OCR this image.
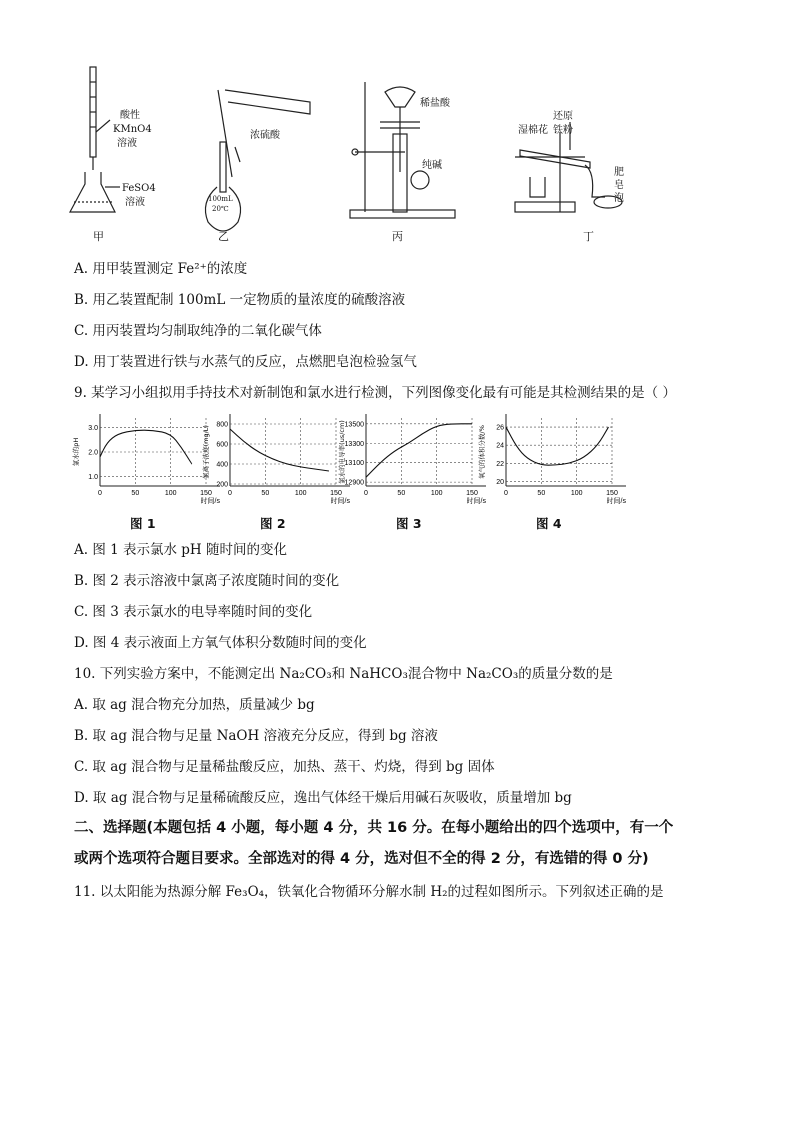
酸性
KMnO4
溶液
FeSO4
溶液
浓硫酸
100mL
20℃
稀盐酸
纯碱
还原
湿棉花 铁粉
肥皂泡
甲	乙	丙	丁
A. 用甲装置测定 Fe²⁺的浓度
B. 用乙装置配制 100mL 一定物质的量浓度的硫酸溶液
C. 用丙装置均匀制取纯净的二氧化碳气体
D. 用丁装置进行铁与水蒸气的反应，点燃肥皂泡检验氢气
9. 某学习小组拟用手持技术对新制饱和氯水进行检测，下列图像变化最有可能是其检测结果的是（ ）
1.0
2.0
3.0
0	50	100	150
时间/s
氯水的pH
图 1
200
400
600
800
0	50	100	150
时间/s
氯离子浓度(mg/L)
图 2
12900
13100
13300
13500
0	50	100	150
时间/s
氯水的电导率(us/cm)
图 3
20
22
24
26
0	50	100	150
时间/s
氧气的体积分数/%
图 4
A. 图 1 表示氯水 pH 随时间的变化
B. 图 2 表示溶液中氯离子浓度随时间的变化
C. 图 3 表示氯水的电导率随时间的变化
D. 图 4 表示液面上方氧气体积分数随时间的变化
10. 下列实验方案中，不能测定出 Na₂CO₃和 NaHCO₃混合物中 Na₂CO₃的质量分数的是
A. 取 ag 混合物充分加热，质量减少 bg
B. 取 ag 混合物与足量 NaOH 溶液充分反应，得到 bg 溶液
C. 取 ag 混合物与足量稀盐酸反应，加热、蒸干、灼烧，得到 bg 固体
D. 取 ag 混合物与足量稀硫酸反应，逸出气体经干燥后用碱石灰吸收，质量增加 bg
二、选择题(本题包括 4 小题，每小题 4 分，共 16 分。在每小题给出的四个选项中，有一个
或两个选项符合题目要求。全部选对的得 4 分，选对但不全的得 2 分，有选错的得 0 分)
11. 以太阳能为热源分解 Fe₃O₄，铁氧化合物循环分解水制 H₂的过程如图所示。下列叙述正确的是
